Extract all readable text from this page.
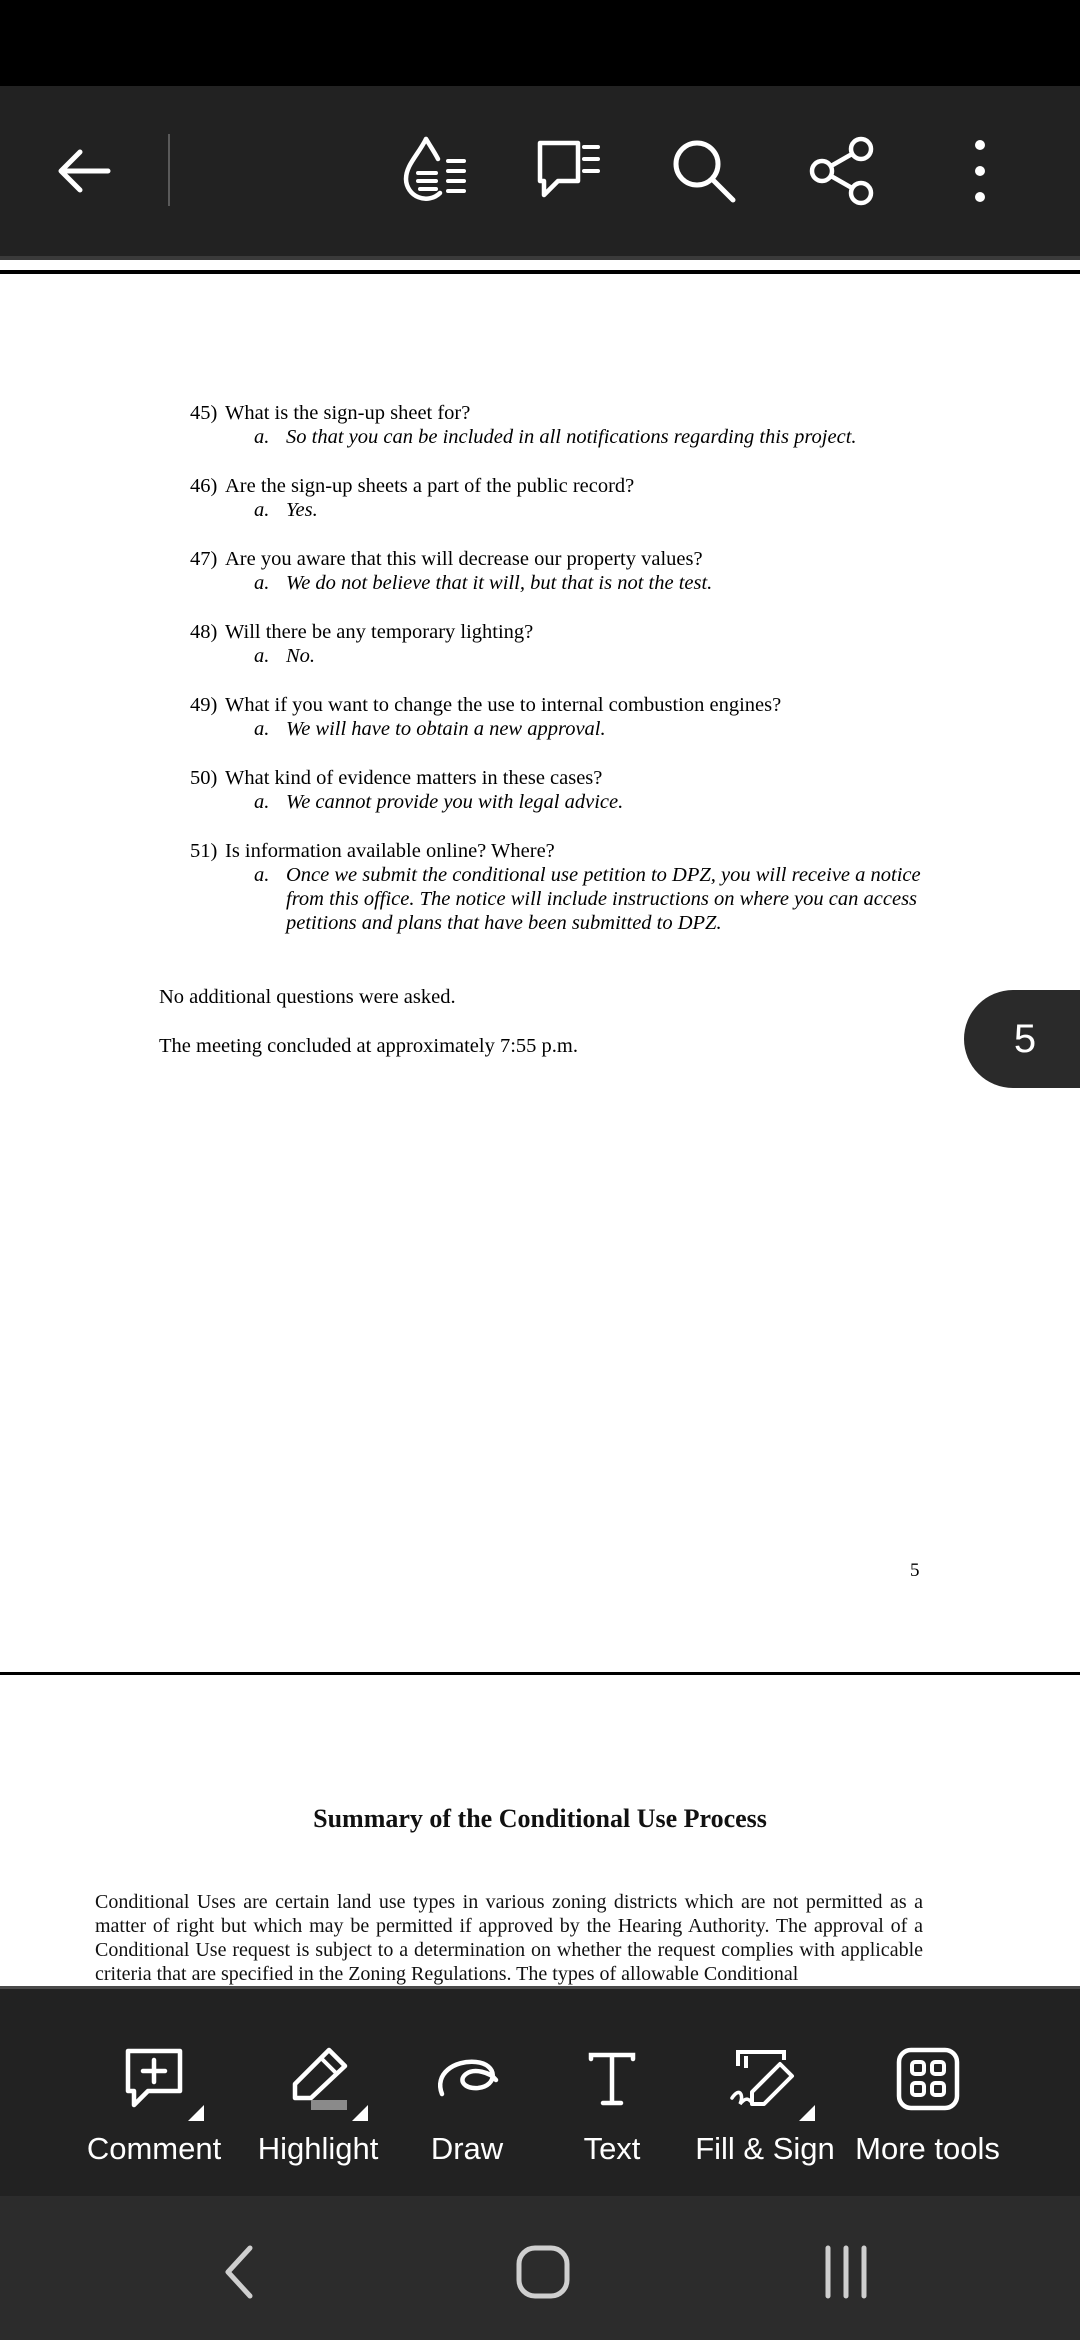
45) What is the sign-up sheet for?
a. So that you can be included in all notifications regarding this project.
46) Are the sign-up sheets a part of the public record?
a. Yes.
47) Are you aware that this will decrease our property values?
a. We do not believe that it will, but that is not the test.
48) Will there be any temporary lighting?
a. No.
49) What if you want to change the use to internal combustion engines?
a. We will have to obtain a new approval.
50) What kind of evidence matters in these cases?
a. We cannot provide you with legal advice.
51) Is information available online? Where?
a. Once we submit the conditional use petition to DPZ, you will receive a notice from this office. The notice will include instructions on where you can access petitions and plans that have been submitted to DPZ.
No additional questions were asked.
The meeting concluded at approximately 7:55 p.m.
5
Summary of the Conditional Use Process
Conditional Uses are certain land use types in various zoning districts which are not permitted as a matter of right but which may be permitted if approved by the Hearing Authority. The approval of a Conditional Use request is subject to a determination on whether the request complies with applicable criteria that are specified in the Zoning Regulations. The types of allowable Conditional
5
Comment Highlight Draw	Text Fill & Sign More tools
